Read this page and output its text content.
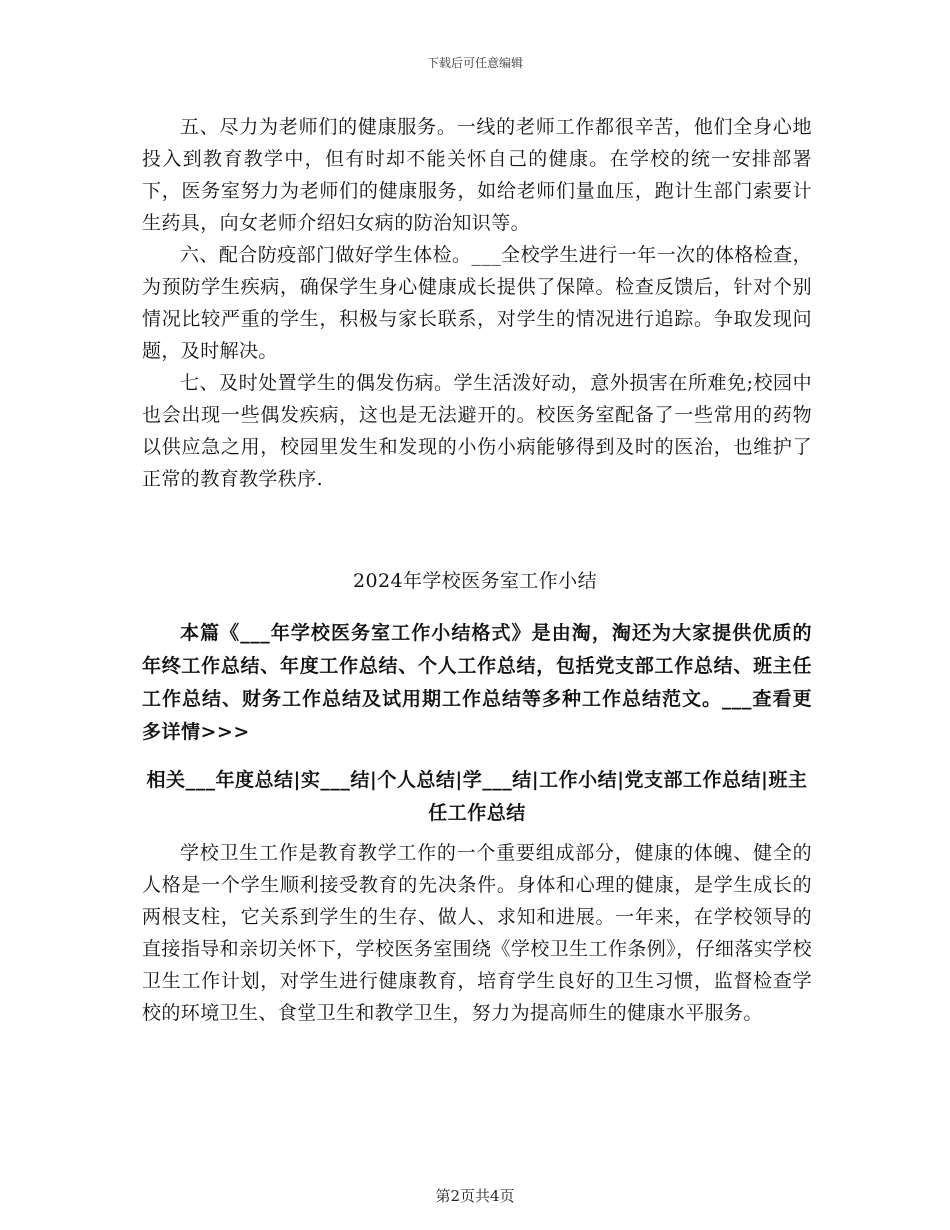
下载后可任意编辑

五、尽力为老师们的健康服务。一线的老师工作都很辛苦，他们全身心地投入到教育教学中，但有时却不能关怀自己的健康。在学校的统一安排部署下，医务室努力为老师们的健康服务，如给老师们量血压，跑计生部门索要计生药具，向女老师介绍妇女病的防治知识等。

六、配合防疫部门做好学生体检。___全校学生进行一年一次的体格检查，为预防学生疾病，确保学生身心健康成长提供了保障。检查反馈后，针对个别情况比较严重的学生，积极与家长联系，对学生的情况进行追踪。争取发现问题，及时解决。

七、及时处置学生的偶发伤病。学生活泼好动，意外损害在所难免;校园中也会出现一些偶发疾病，这也是无法避开的。校医务室配备了一些常用的药物以供应急之用，校园里发生和发现的小伤小病能够得到及时的医治，也维护了正常的教育教学秩序.

2024年学校医务室工作小结

本篇《___年学校医务室工作小结格式》是由淘，淘还为大家提供优质的年终工作总结、年度工作总结、个人工作总结，包括党支部工作总结、班主任工作总结、财务工作总结及试用期工作总结等多种工作总结范文。___查看更多详情>>>

相关___年度总结|实___结|个人总结|学___结|工作小结|党支部工作总结|班主任工作总结

学校卫生工作是教育教学工作的一个重要组成部分，健康的体魄、健全的人格是一个学生顺利接受教育的先决条件。身体和心理的健康，是学生成长的两根支柱，它关系到学生的生存、做人、求知和进展。一年来，在学校领导的直接指导和亲切关怀下，学校医务室围绕《学校卫生工作条例》，仔细落实学校卫生工作计划，对学生进行健康教育，培育学生良好的卫生习惯，监督检查学校的环境卫生、食堂卫生和教学卫生，努力为提高师生的健康水平服务。

第2页共4页
